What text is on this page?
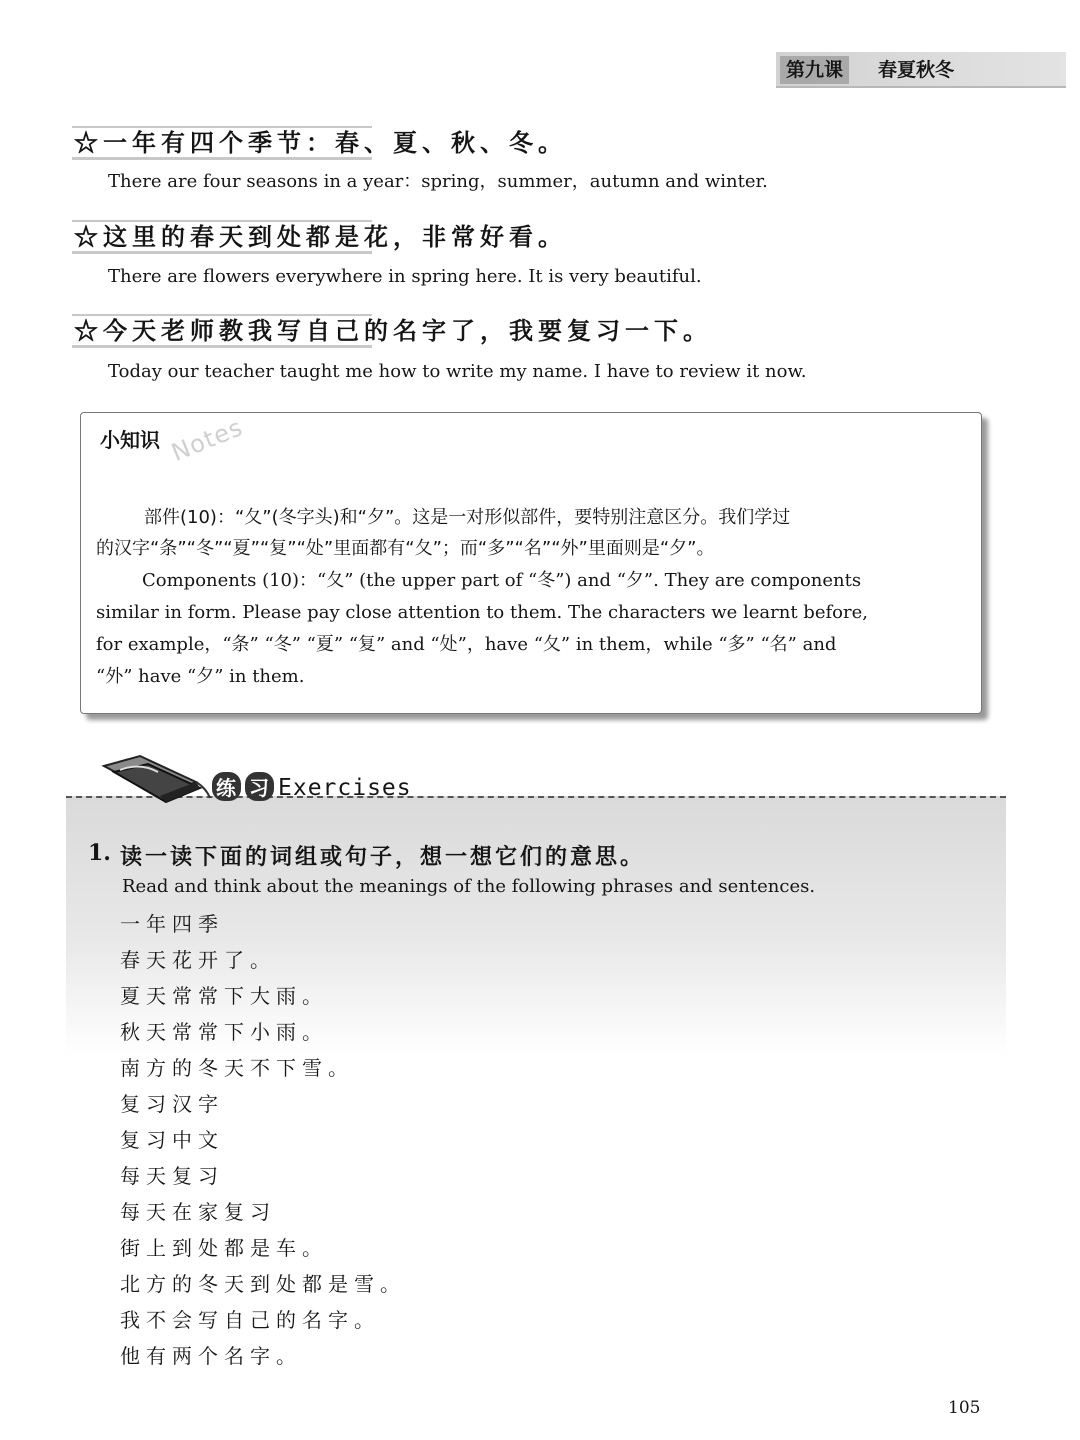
第九课	春夏秋冬
☆一年有四个季节：春、夏、秋、冬。
There are four seasons in a year：spring，summer，autumn and winter.
☆这里的春天到处都是花，非常好看。
There are flowers everywhere in spring here. It is very beautiful.
☆今天老师教我写自己的名字了，我要复习一下。
Today our teacher taught me how to write my name. I have to review it now.
小知识 Notes
部件(10)：“夂”(冬字头)和“夕”。这是一对形似部件，要特别注意区分。我们学过
的汉字“条”“冬”“夏”“复”“处”里面都有“夂”；而“多”“名”“外”里面则是“夕”。
Components (10)：“夂” (the upper part of “冬”) and “夕”. They are components
similar in form. Please pay close attention to them. The characters we learnt before,
for example，“条” “冬” “夏” “复” and “处”，have “夂” in them，while “多” “名” and
“外” have “夕” in them.
练 习 Exercises
1. 读一读下面的词组或句子，想一想它们的意思。
Read and think about the meanings of the following phrases and sentences.
一年四季
春天花开了。
夏天常常下大雨。
秋天常常下小雨。
南方的冬天不下雪。
复习汉字
复习中文
每天复习
每天在家复习
街上到处都是车。
北方的冬天到处都是雪。
我不会写自己的名字。
他有两个名字。
105
